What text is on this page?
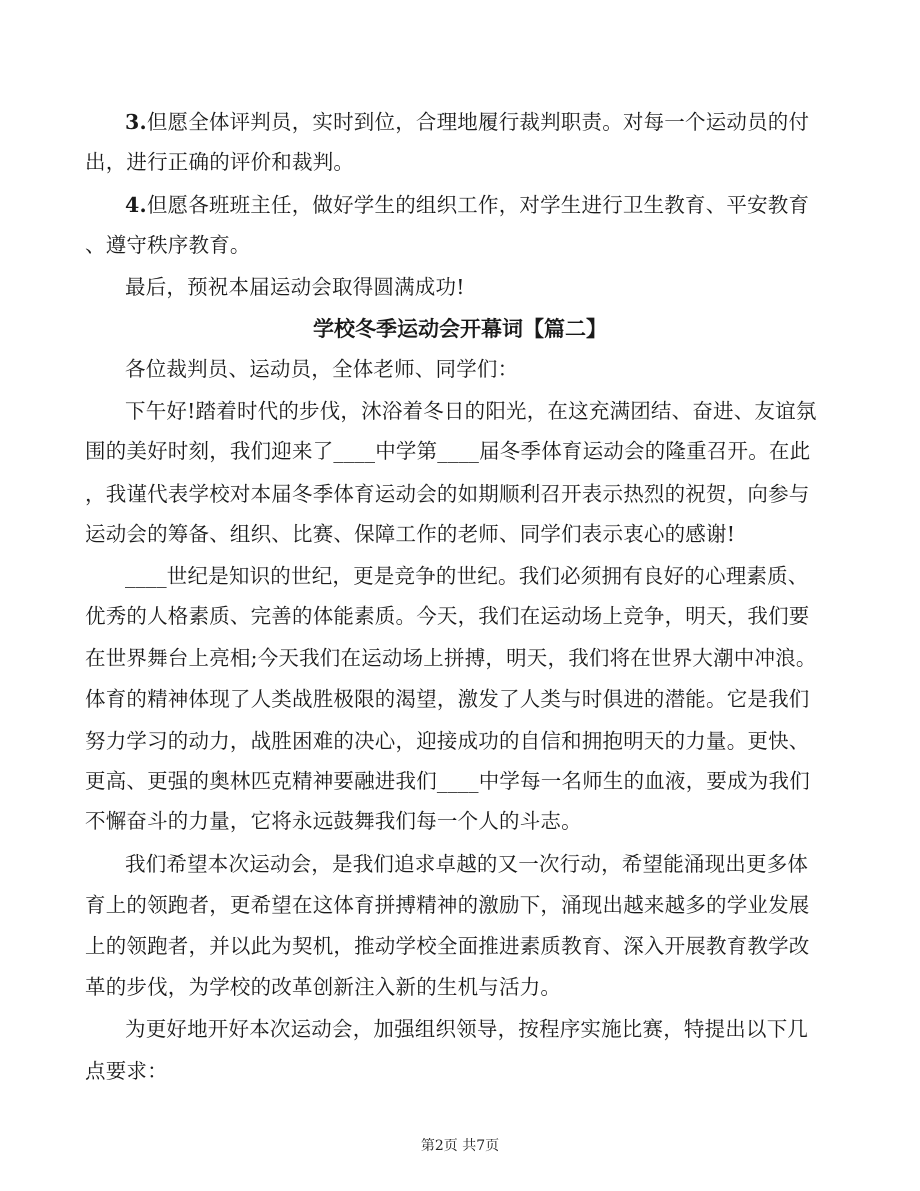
3.但愿全体评判员，实时到位，合理地履行裁判职责。对每一个运动员的付
出，进行正确的评价和裁判。
4.但愿各班班主任，做好学生的组织工作，对学生进行卫生教育、平安教育
、遵守秩序教育。
最后，预祝本届运动会取得圆满成功!
学校冬季运动会开幕词【篇二】
各位裁判员、运动员，全体老师、同学们：
下午好!踏着时代的步伐，沐浴着冬日的阳光，在这充满团结、奋进、友谊氛
围的美好时刻，我们迎来了____中学第____届冬季体育运动会的隆重召开。在此
，我谨代表学校对本届冬季体育运动会的如期顺利召开表示热烈的祝贺，向参与
运动会的筹备、组织、比赛、保障工作的老师、同学们表示衷心的感谢!
____世纪是知识的世纪，更是竞争的世纪。我们必须拥有良好的心理素质、
优秀的人格素质、完善的体能素质。今天，我们在运动场上竞争，明天，我们要
在世界舞台上亮相;今天我们在运动场上拼搏，明天，我们将在世界大潮中冲浪。
体育的精神体现了人类战胜极限的渴望，激发了人类与时俱进的潜能。它是我们
努力学习的动力，战胜困难的决心，迎接成功的自信和拥抱明天的力量。更快、
更高、更强的奥林匹克精神要融进我们____中学每一名师生的血液，要成为我们
不懈奋斗的力量，它将永远鼓舞我们每一个人的斗志。
我们希望本次运动会，是我们追求卓越的又一次行动，希望能涌现出更多体
育上的领跑者，更希望在这体育拼搏精神的激励下，涌现出越来越多的学业发展
上的领跑者，并以此为契机，推动学校全面推进素质教育、深入开展教育教学改
革的步伐，为学校的改革创新注入新的生机与活力。
为更好地开好本次运动会，加强组织领导，按程序实施比赛，特提出以下几
点要求：
第2页 共7页
